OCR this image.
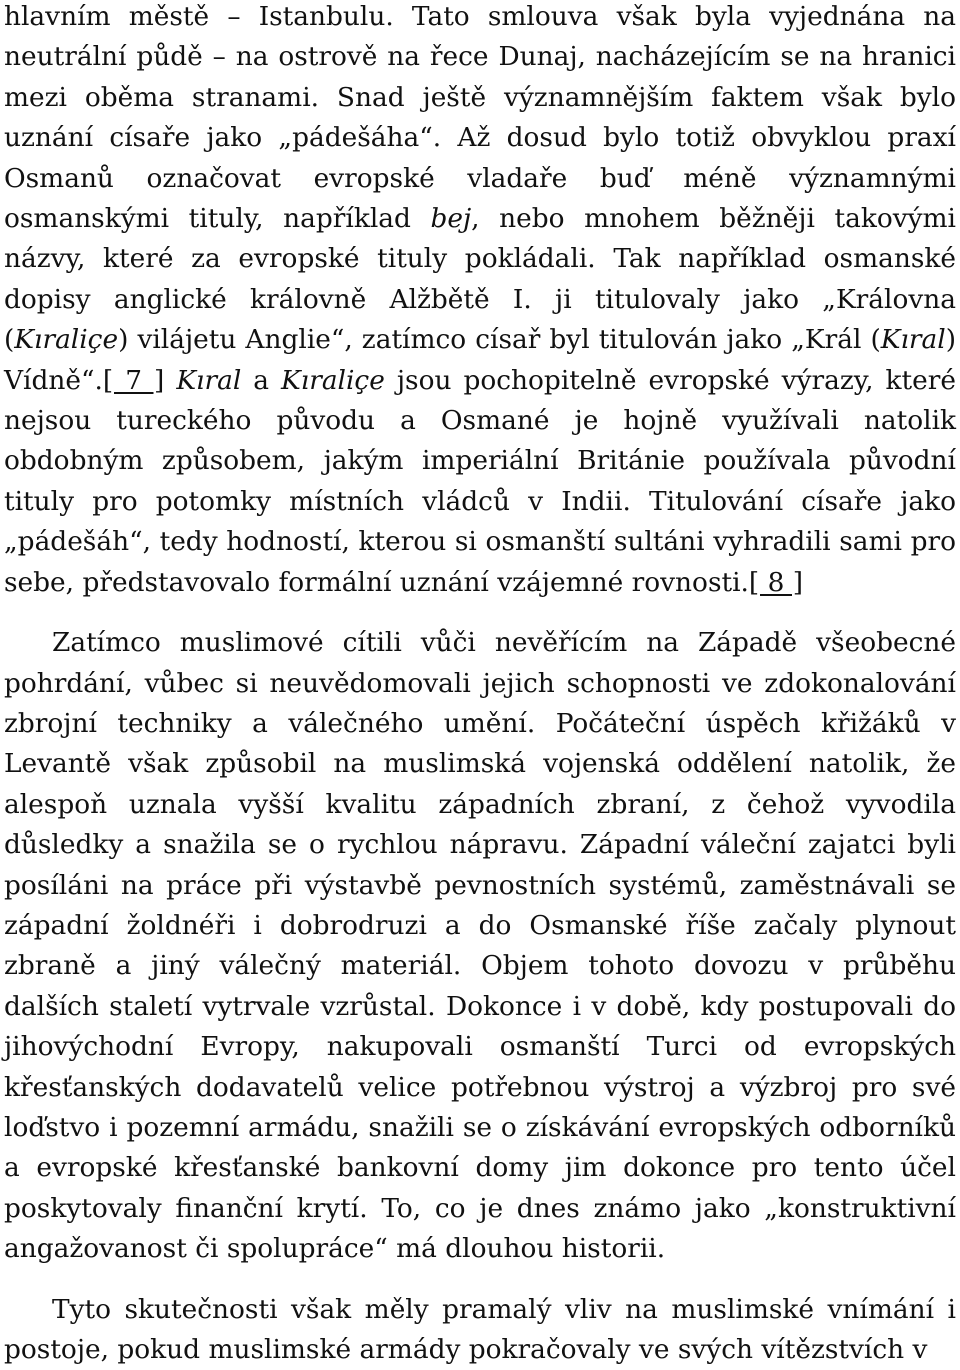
hlavním městě – Istanbulu. Tato smlouva však byla vyjednána na neutrální půdě – na ostrově na řece Dunaj, nacházejícím se na hranici mezi oběma stranami. Snad ještě významnějším faktem však bylo uznání císaře jako „pádešáha“. Až dosud bylo totiž obvyklou praxí Osmanů označovat evropské vladaře buď méně významnými osmanskými tituly, například bej, nebo mnohem běžněji takovými názvy, které za evropské tituly pokládali. Tak například osmanské dopisy anglické královně Alžbětě I. ji titulovaly jako „Královna (Kıraliçe) vilájetu Anglie“, zatímco císař byl titulován jako „Král (Kıral) Vídně“.[ 7 ] Kıral a Kıraliçe jsou pochopitelně evropské výrazy, které nejsou tureckého původu a Osmané je hojně využívali natolik obdobným způsobem, jakým imperiální Británie používala původní tituly pro potomky místních vládců v Indii. Titulování císaře jako „pádešáh“, tedy hodností, kterou si osmanští sultáni vyhradili sami pro sebe, představovalo formální uznání vzájemné rovnosti.[ 8 ]

Zatímco muslimové cítili vůči nevěřícím na Západě všeobecné pohrdání, vůbec si neuvědomovali jejich schopnosti ve zdokonalování zbrojní techniky a válečného umění. Počáteční úspěch křižáků v Levantě však způsobil na muslimská vojenská oddělení natolik, že alespoň uznala vyšší kvalitu západních zbraní, z čehož vyvodila důsledky a snažila se o rychlou nápravu. Západní váleční zajatci byli posíláni na práce při výstavbě pevnostních systémů, zaměstnávali se západní žoldnéři i dobrodruzi a do Osmanské říše začaly plynout zbraně a jiný válečný materiál. Objem tohoto dovozu v průběhu dalších staletí vytrvale vzrůstal. Dokonce i v době, kdy postupovali do jihovýchodní Evropy, nakupovali osmanští Turci od evropských křesťanských dodavatelů velice potřebnou výstroj a výzbroj pro své loďstvo i pozemní armádu, snažili se o získávání evropských odborníků a evropské křesťanské bankovní domy jim dokonce pro tento účel poskytovaly finanční krytí. To, co je dnes známo jako „konstruktivní angažovanost či spolupráce“ má dlouhou historii.

Tyto skutečnosti však měly pramalý vliv na muslimské vnímání i postoje, pokud muslimské armády pokračovaly ve svých vítězstvích v
